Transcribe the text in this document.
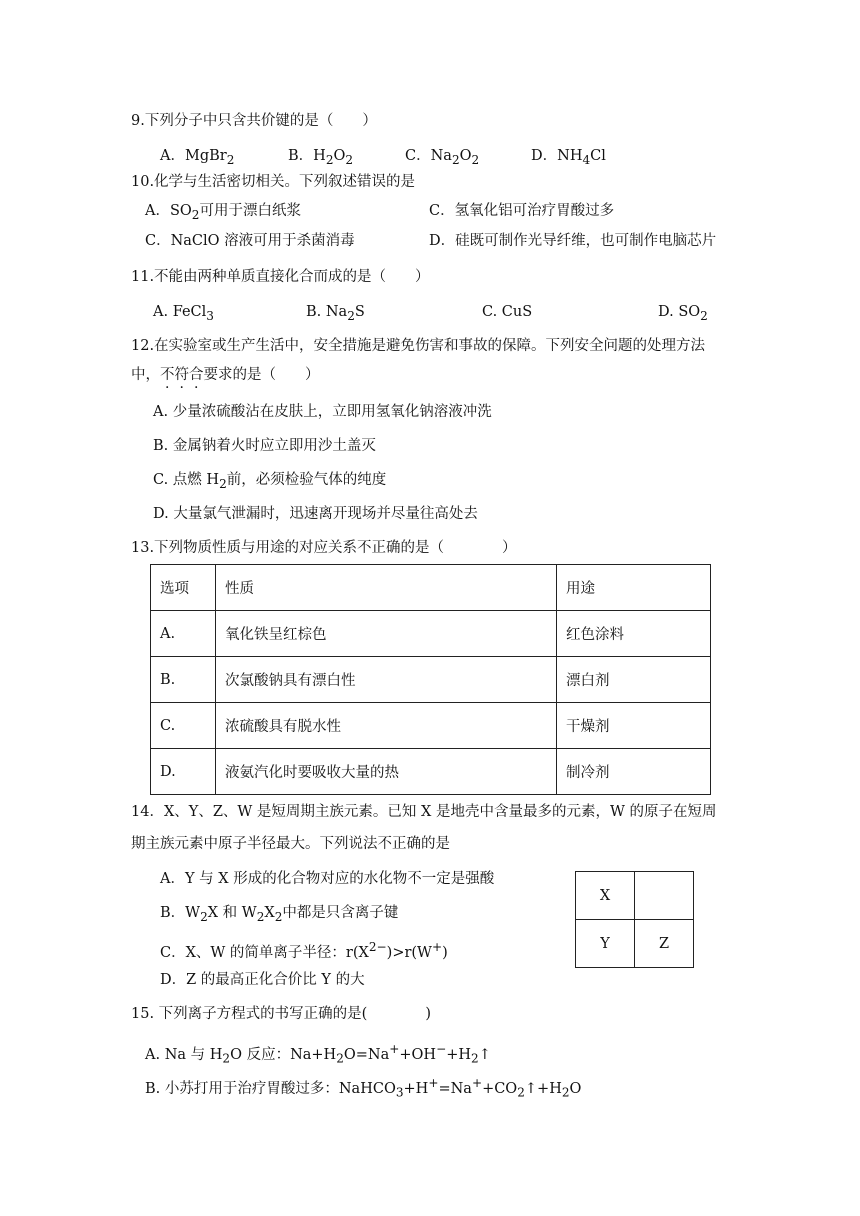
9.下列分子中只含共价键的是（　　）
A．MgBr$_2$	B．$H_2O_2$	C．$Na_2O_2$	D．$NH_4Cl$
10.化学与生活密切相关。下列叙述错误的是
A．$SO_2$可用于漂白纸浆	C．氢氧化铝可治疗胃酸过多
C．NaClO 溶液可用于杀菌消毒	D．硅既可制作光导纤维，也可制作电脑芯片
11.不能由两种单质直接化合而成的是（　　）
A. FeCl$_3$	B. $Na_2S$	C. CuS	D. $SO_2$
12.在实验室或生产生活中，安全措施是避免伤害和事故的保障。下列安全问题的处理方法
中，不符合要求的是（　　）
A. 少量浓硫酸沾在皮肤上，立即用氢氧化钠溶液冲洗
B. 金属钠着火时应立即用沙土盖灭
C. 点燃 $H_2$前，必须检验气体的纯度
D. 大量氯气泄漏时，迅速离开现场并尽量往高处去
13.下列物质性质与用途的对应关系不正确的是（　　　　）
选项	性质	用途
A.	氧化铁呈红棕色	红色涂料
B.	次氯酸钠具有漂白性	漂白剂
C.	浓硫酸具有脱水性	干燥剂
D.	液氨汽化时要吸收大量的热	制冷剂
14．X、Y、Z、W 是短周期主族元素。已知 X 是地壳中含量最多的元素，W 的原子在短周
期主族元素中原子半径最大。下列说法不正确的是
A．Y 与 X 形成的化合物对应的水化物不一定是强酸
B．$W_2X$ 和 $W_2X_2$中都是只含离子键
C．X、W 的简单离子半径：$r(X^{2-})>r(W^+)$
D．Z 的最高正化合价比 Y 的大
X	
Y	Z
15. 下列离子方程式的书写正确的是(　　　　)
A. Na 与 $H_2O$ 反应：$Na+H_2O=Na^++OH^-+H_2↑$
B. 小苏打用于治疗胃酸过多：$NaHCO_3+H^+=Na^++CO_2↑+H_2O$
